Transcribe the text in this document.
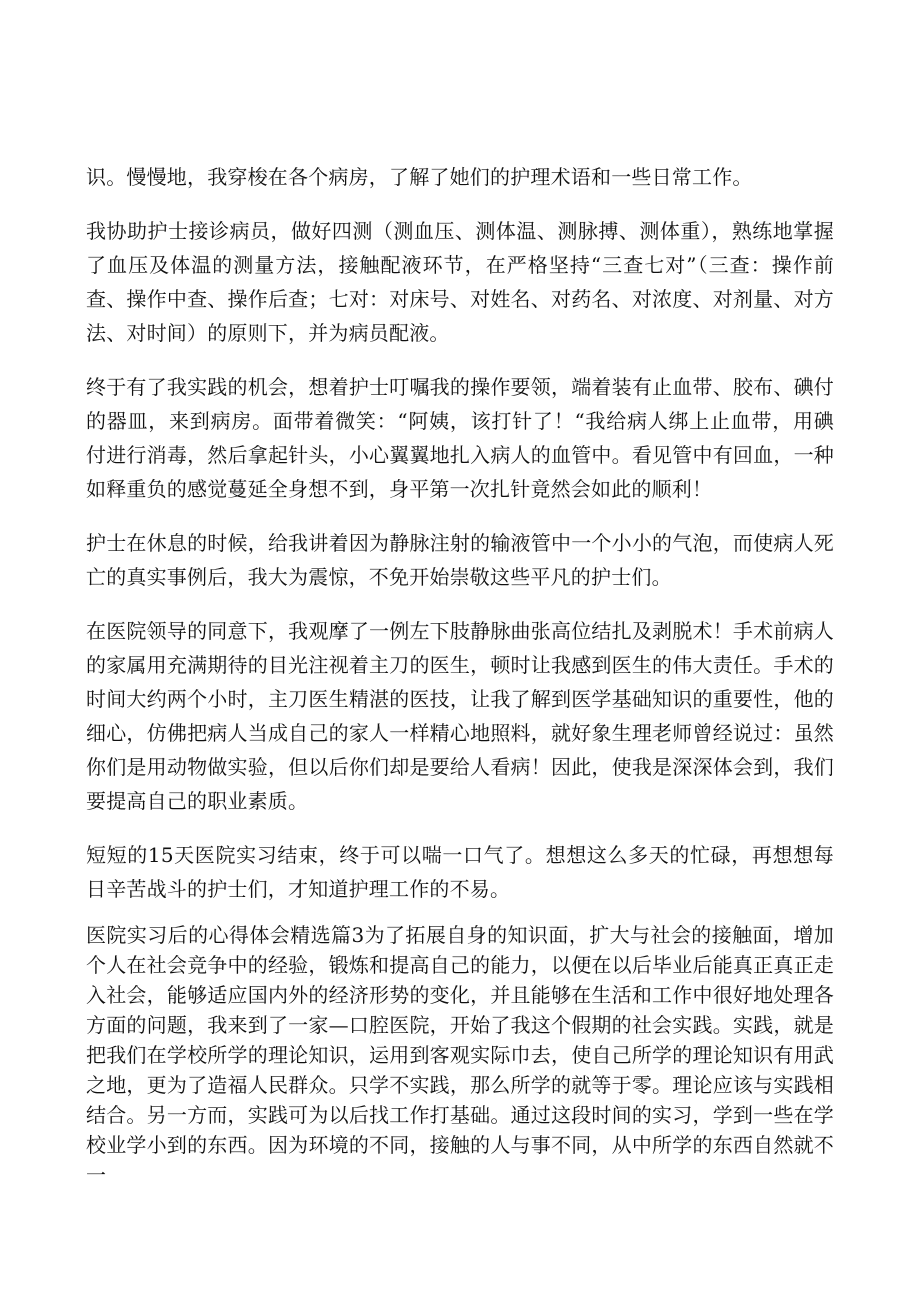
识。慢慢地，我穿梭在各个病房，了解了她们的护理术语和一些日常工作。

我协助护士接诊病员，做好四测（测血压、测体温、测脉搏、测体重），熟练地掌握了血压及体温的测量方法，接触配液环节，在严格坚持“三查七对”（三查：操作前查、操作中查、操作后查；七对：对床号、对姓名、对药名、对浓度、对剂量、对方法、对时间）的原则下，并为病员配液。

终于有了我实践的机会，想着护士叮嘱我的操作要领，端着装有止血带、胶布、碘付的器皿，来到病房。面带着微笑：“阿姨，该打针了！“我给病人绑上止血带，用碘付进行消毒，然后拿起针头，小心翼翼地扎入病人的血管中。看见管中有回血，一种如释重负的感觉蔓延全身想不到，身平第一次扎针竟然会如此的顺利！

护士在休息的时候，给我讲着因为静脉注射的输液管中一个小小的气泡，而使病人死亡的真实事例后，我大为震惊，不免开始崇敬这些平凡的护士们。

在医院领导的同意下，我观摩了一例左下肢静脉曲张高位结扎及剥脱术！手术前病人的家属用充满期待的目光注视着主刀的医生，顿时让我感到医生的伟大责任。手术的时间大约两个小时，主刀医生精湛的医技，让我了解到医学基础知识的重要性，他的细心，仿佛把病人当成自己的家人一样精心地照料，就好象生理老师曾经说过：虽然你们是用动物做实验，但以后你们却是要给人看病！因此，使我是深深体会到，我们要提高自己的职业素质。

短短的15天医院实习结束，终于可以喘一口气了。想想这么多天的忙碌，再想想每日辛苦战斗的护士们，才知道护理工作的不易。

医院实习后的心得体会精选篇3为了拓展自身的知识面，扩大与社会的接触面，增加个人在社会竞争中的经验，锻炼和提高自己的能力，以便在以后毕业后能真正真正走入社会，能够适应国内外的经济形势的变化，并且能够在生活和工作中很好地处理各方面的问题，我来到了一家—口腔医院，开始了我这个假期的社会实践。实践，就是把我们在学校所学的理论知识，运用到客观实际巾去，使自己所学的理论知识有用武之地，更为了造福人民群众。只学不实践，那么所学的就等于零。理论应该与实践相结合。另一方而，实践可为以后找工作打基础。通过这段时间的实习，学到一些在学校业学小到的东西。因为环境的不同，接触的人与事不同，从中所学的东西自然就不一
